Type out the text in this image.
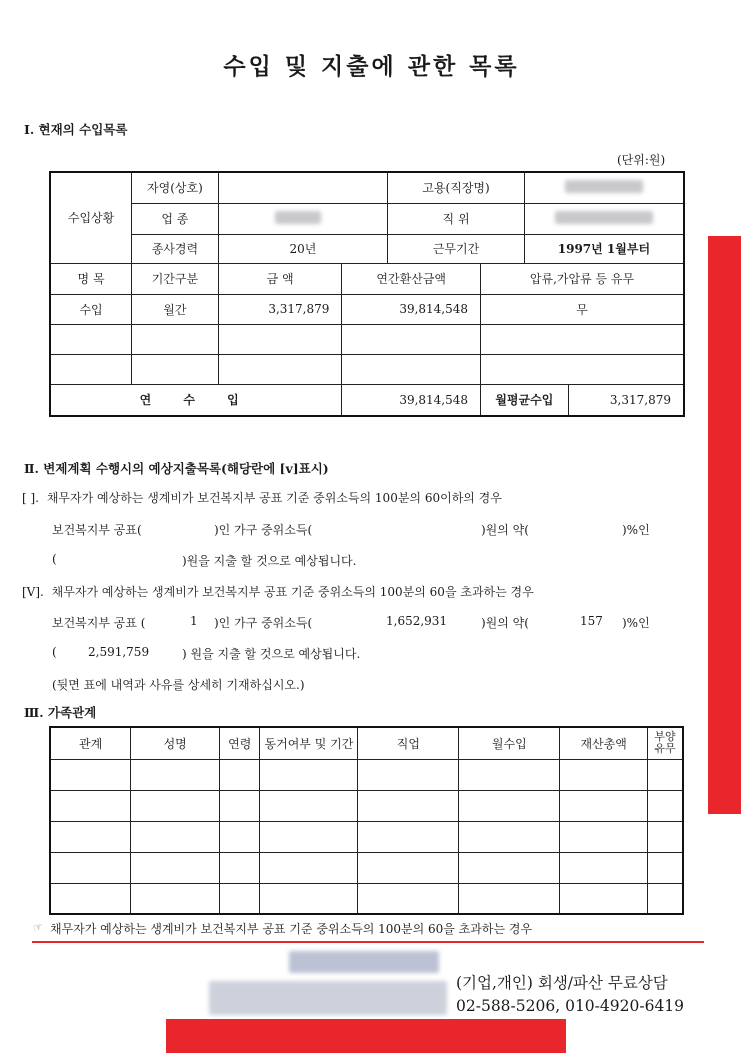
수입 및 지출에 관한 목록
Ⅰ. 현재의 수입목록
(단위:원)
수입상황	자영(상호)			고용(직장명)			
	업 종			직 위			
	종사경력	20년		근무기간		1997년 1월부터	
명 목	기간구분	금 액	연간환산금액		압류,가압류 등 유무		
수입	월간	3,317,879	39,814,548		무		

연 수 입			39,814,548		월평균수입		3,317,879
Ⅱ. 변제계획 수행시의 예상지출목록(해당란에 [v]표시)
[ ]. 채무자가 예상하는 생계비가 보건복지부 공표 기준 중위소득의 100분의 60이하의 경우
보건복지부 공표(	)인 가구 중위소득(	)원의 약(	)%인
(	)원을 지출 할 것으로 예상됩니다.
[V]. 채무자가 예상하는 생계비가 보건복지부 공표 기준 중위소득의 100분의 60을 초과하는 경우
보건복지부 공표 (	1 )인 가구 중위소득(	1,652,931	)원의 약(	157 )%인
(	2,591,759	) 원을 지출 할 것으로 예상됩니다.
(뒷면 표에 내역과 사유를 상세히 기재하십시오.)
Ⅲ. 가족관계
관계	성명	연령	동거여부 및 기간	직업	월수입	재산총액	부양
유무

☞ 채무자가 예상하는 생계비가 보건복지부 공표 기준 중위소득의 100분의 60을 초과하는 경우
(기업,개인) 회생/파산 무료상담
02-588-5206, 010-4920-6419
